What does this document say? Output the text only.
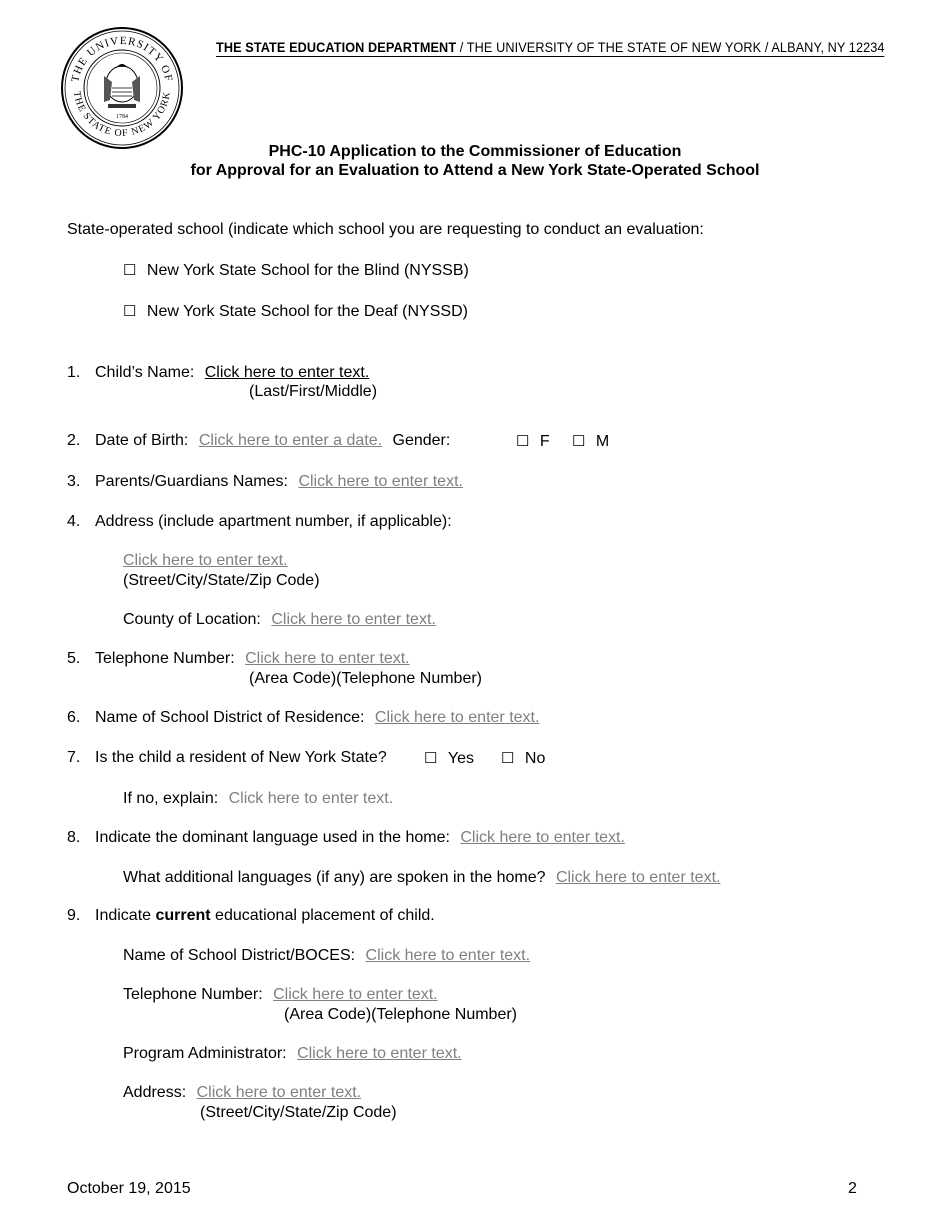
THE UNIVERSITY OF
THE STATE OF NEW YORK
1784
THE STATE EDUCATION DEPARTMENT / THE UNIVERSITY OF THE STATE OF NEW YORK / ALBANY, NY 12234
PHC-10 Application to the Commissioner of Education
for Approval for an Evaluation to Attend a New York State-Operated School
State-operated school (indicate which school you are requesting to conduct an evaluation:
☐ New York State School for the Blind (NYSSB)
☐ New York State School for the Deaf (NYSSD)
1. Child’s Name: Click here to enter text.
(Last/First/Middle)
2. Date of Birth: Click here to enter a date. Gender:	☐ F ☐ M
3. Parents/Guardians Names: Click here to enter text.
4. Address (include apartment number, if applicable):
Click here to enter text.
(Street/City/State/Zip Code)
County of Location: Click here to enter text.
5. Telephone Number: Click here to enter text.
(Area Code)(Telephone Number)
6. Name of School District of Residence: Click here to enter text.
7. Is the child a resident of New York State? ☐ Yes ☐ No
If no, explain: Click here to enter text.
8. Indicate the dominant language used in the home: Click here to enter text.
What additional languages (if any) are spoken in the home? Click here to enter text.
9. Indicate current educational placement of child.
Name of School District/BOCES: Click here to enter text.
Telephone Number: Click here to enter text.
(Area Code)(Telephone Number)
Program Administrator: Click here to enter text.
Address: Click here to enter text.
(Street/City/State/Zip Code)
October 19, 2015	2
